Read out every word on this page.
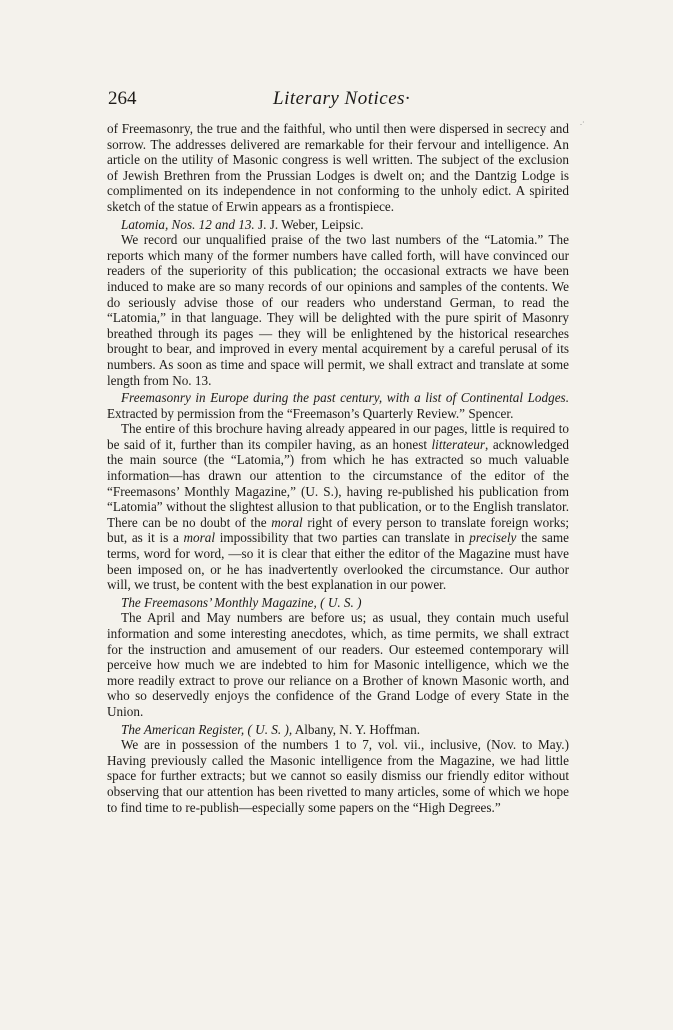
264	Literary Notices·
.·

of Freemasonry, the true and the faithful, who until then were dispersed in secrecy and sorrow. The addresses delivered are remarkable for their fervour and intelligence. An article on the utility of Masonic congress is well written. The subject of the exclusion of Jewish Brethren from the Prussian Lodges is dwelt on; and the Dantzig Lodge is complimented on its independence in not conforming to the unholy edict. A spirited sketch of the statue of Erwin appears as a frontispiece.

Latomia, Nos. 12 and 13. J. J. Weber, Leipsic.

We record our unqualified praise of the two last numbers of the “Latomia.” The reports which many of the former numbers have called forth, will have convinced our readers of the superiority of this publication; the occasional extracts we have been induced to make are so many records of our opinions and samples of the contents. We do seriously advise those of our readers who understand German, to read the “Latomia,” in that language. They will be delighted with the pure spirit of Masonry breathed through its pages — they will be enlightened by the historical researches brought to bear, and improved in every mental acquirement by a careful perusal of its numbers. As soon as time and space will permit, we shall extract and translate at some length from No. 13.

Freemasonry in Europe during the past century, with a list of Continental Lodges. Extracted by permission from the “Freemason’s Quarterly Review.” Spencer.

The entire of this brochure having already appeared in our pages, little is required to be said of it, further than its compiler having, as an honest litterateur, acknowledged the main source (the “Latomia,”) from which he has extracted so much valuable information—has drawn our attention to the circumstance of the editor of the “Freemasons’ Monthly Magazine,” (U. S.), having re-published his publication from “Latomia” without the slightest allusion to that publication, or to the English translator. There can be no doubt of the moral right of every person to translate foreign works; but, as it is a moral impossibility that two parties can translate in precisely the same terms, word for word, —so it is clear that either the editor of the Magazine must have been imposed on, or he has inadvertently overlooked the circumstance. Our author will, we trust, be content with the best explanation in our power.

The Freemasons’ Monthly Magazine, ( U. S. )

The April and May numbers are before us; as usual, they contain much useful information and some interesting anecdotes, which, as time permits, we shall extract for the instruction and amusement of our readers. Our esteemed contemporary will perceive how much we are indebted to him for Masonic intelligence, which we the more readily extract to prove our reliance on a Brother of known Masonic worth, and who so deservedly enjoys the confidence of the Grand Lodge of every State in the Union.

The American Register, ( U. S. ), Albany, N. Y. Hoffman.

We are in possession of the numbers 1 to 7, vol. vii., inclusive, (Nov. to May.) Having previously called the Masonic intelligence from the Magazine, we had little space for further extracts; but we cannot so easily dismiss our friendly editor without observing that our attention has been rivetted to many articles, some of which we hope to find time to re-publish—especially some papers on the “High Degrees.”
